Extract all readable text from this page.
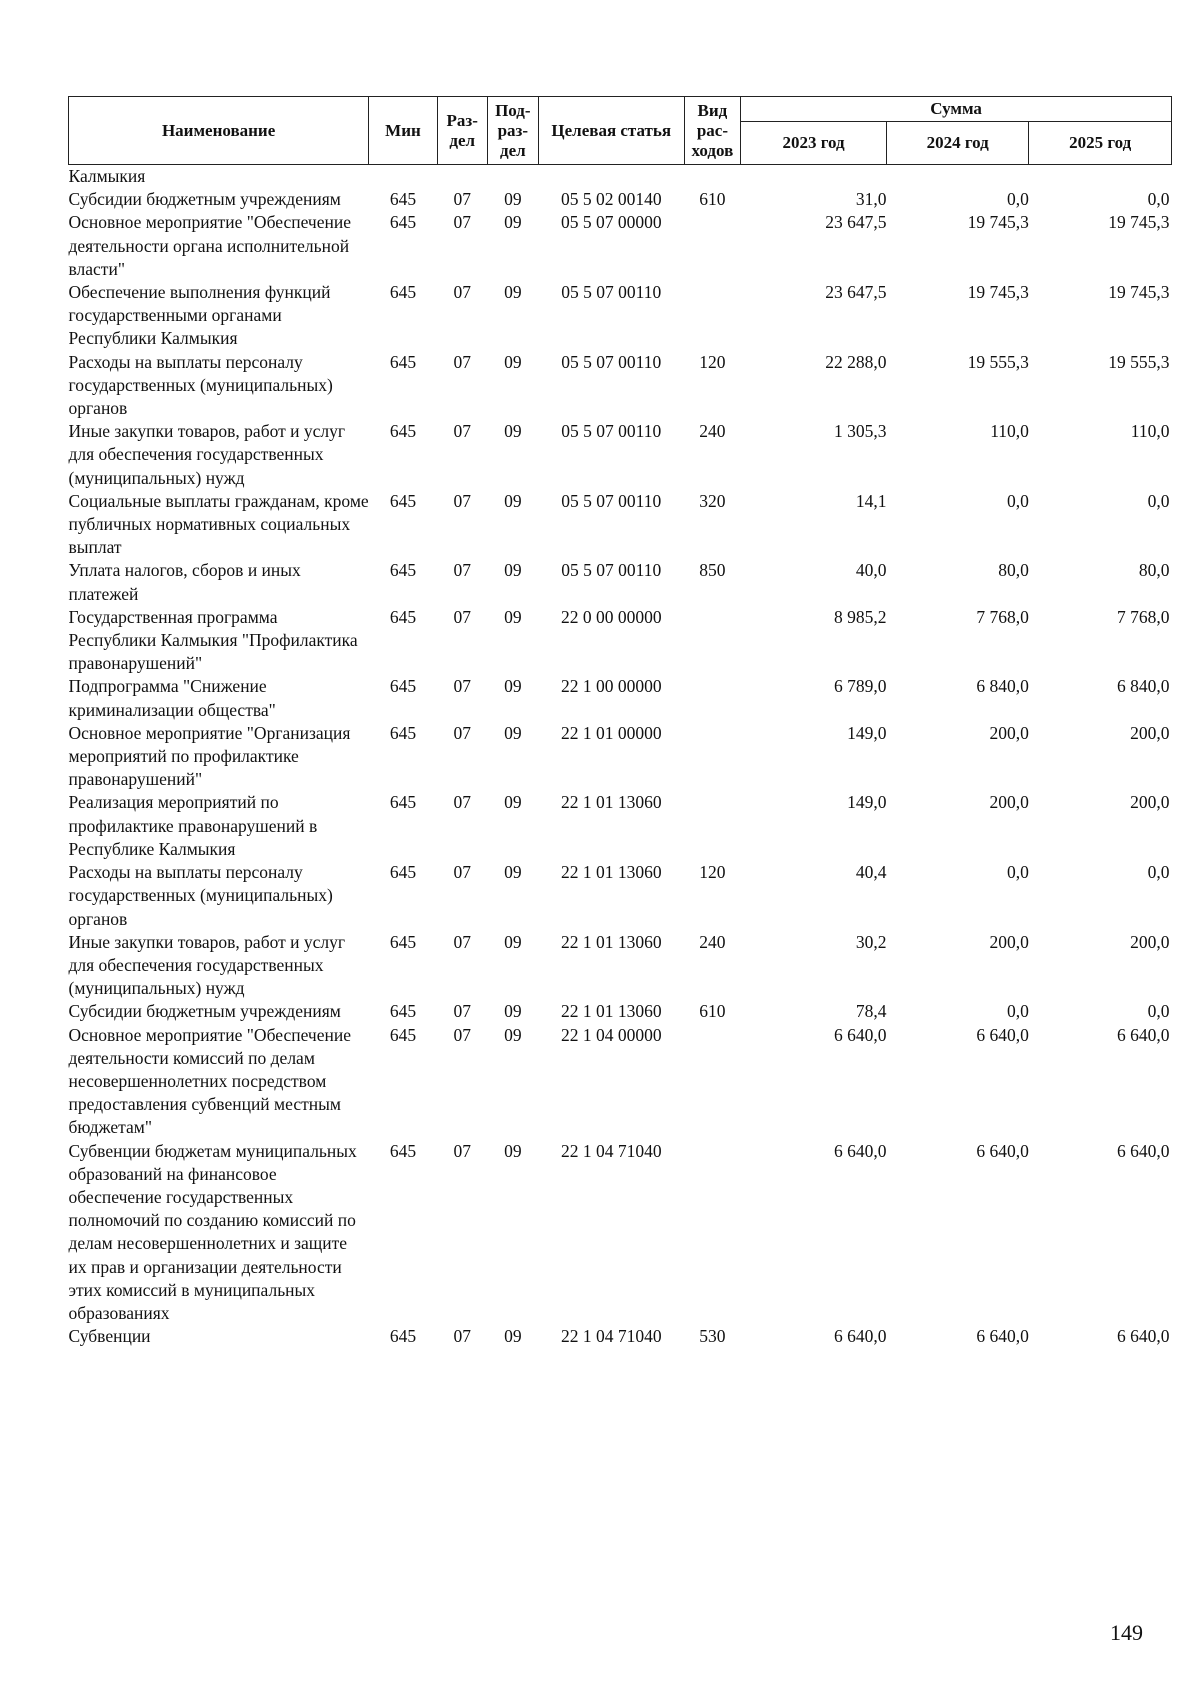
Наименование	Мин	Раз-дел	Под-раз-дел	Целевая статья	Вид рас-ходов	Сумма		
						2023 год	2024 год	2025 год
Калмыкия								
Субсидии бюджетным учреждениям	645	07	09	05 5 02 00140	610	31,0	0,0	0,0
Основное мероприятие "Обеспечение деятельности органа исполнительной власти"	645	07	09	05 5 07 00000		23 647,5	19 745,3	19 745,3
Обеспечение выполнения функций государственными органами Республики Калмыкия	645	07	09	05 5 07 00110		23 647,5	19 745,3	19 745,3
Расходы на выплаты персоналу государственных (муниципальных) органов	645	07	09	05 5 07 00110	120	22 288,0	19 555,3	19 555,3
Иные закупки товаров, работ и услуг для обеспечения государственных (муниципальных) нужд	645	07	09	05 5 07 00110	240	1 305,3	110,0	110,0
Социальные выплаты гражданам, кроме публичных нормативных социальных выплат	645	07	09	05 5 07 00110	320	14,1	0,0	0,0
Уплата налогов, сборов и иных платежей	645	07	09	05 5 07 00110	850	40,0	80,0	80,0
Государственная программа Республики Калмыкия "Профилактика правонарушений"	645	07	09	22 0 00 00000		8 985,2	7 768,0	7 768,0
Подпрограмма "Снижение криминализации общества"	645	07	09	22 1 00 00000		6 789,0	6 840,0	6 840,0
Основное мероприятие "Организация мероприятий по профилактике правонарушений"	645	07	09	22 1 01 00000		149,0	200,0	200,0
Реализация мероприятий по профилактике правонарушений в Республике Калмыкия	645	07	09	22 1 01 13060		149,0	200,0	200,0
Расходы на выплаты персоналу государственных (муниципальных) органов	645	07	09	22 1 01 13060	120	40,4	0,0	0,0
Иные закупки товаров, работ и услуг для обеспечения государственных (муниципальных) нужд	645	07	09	22 1 01 13060	240	30,2	200,0	200,0
Субсидии бюджетным учреждениям	645	07	09	22 1 01 13060	610	78,4	0,0	0,0
Основное мероприятие "Обеспечение деятельности комиссий по делам несовершеннолетних посредством предоставления субвенций местным бюджетам"	645	07	09	22 1 04 00000		6 640,0	6 640,0	6 640,0
Субвенции бюджетам муниципальных образований на финансовое обеспечение государственных полномочий по созданию комиссий по делам несовершеннолетних и защите их прав и организации деятельности этих комиссий в муниципальных образованиях	645	07	09	22 1 04 71040		6 640,0	6 640,0	6 640,0
Субвенции	645	07	09	22 1 04 71040	530	6 640,0	6 640,0	6 640,0
149
